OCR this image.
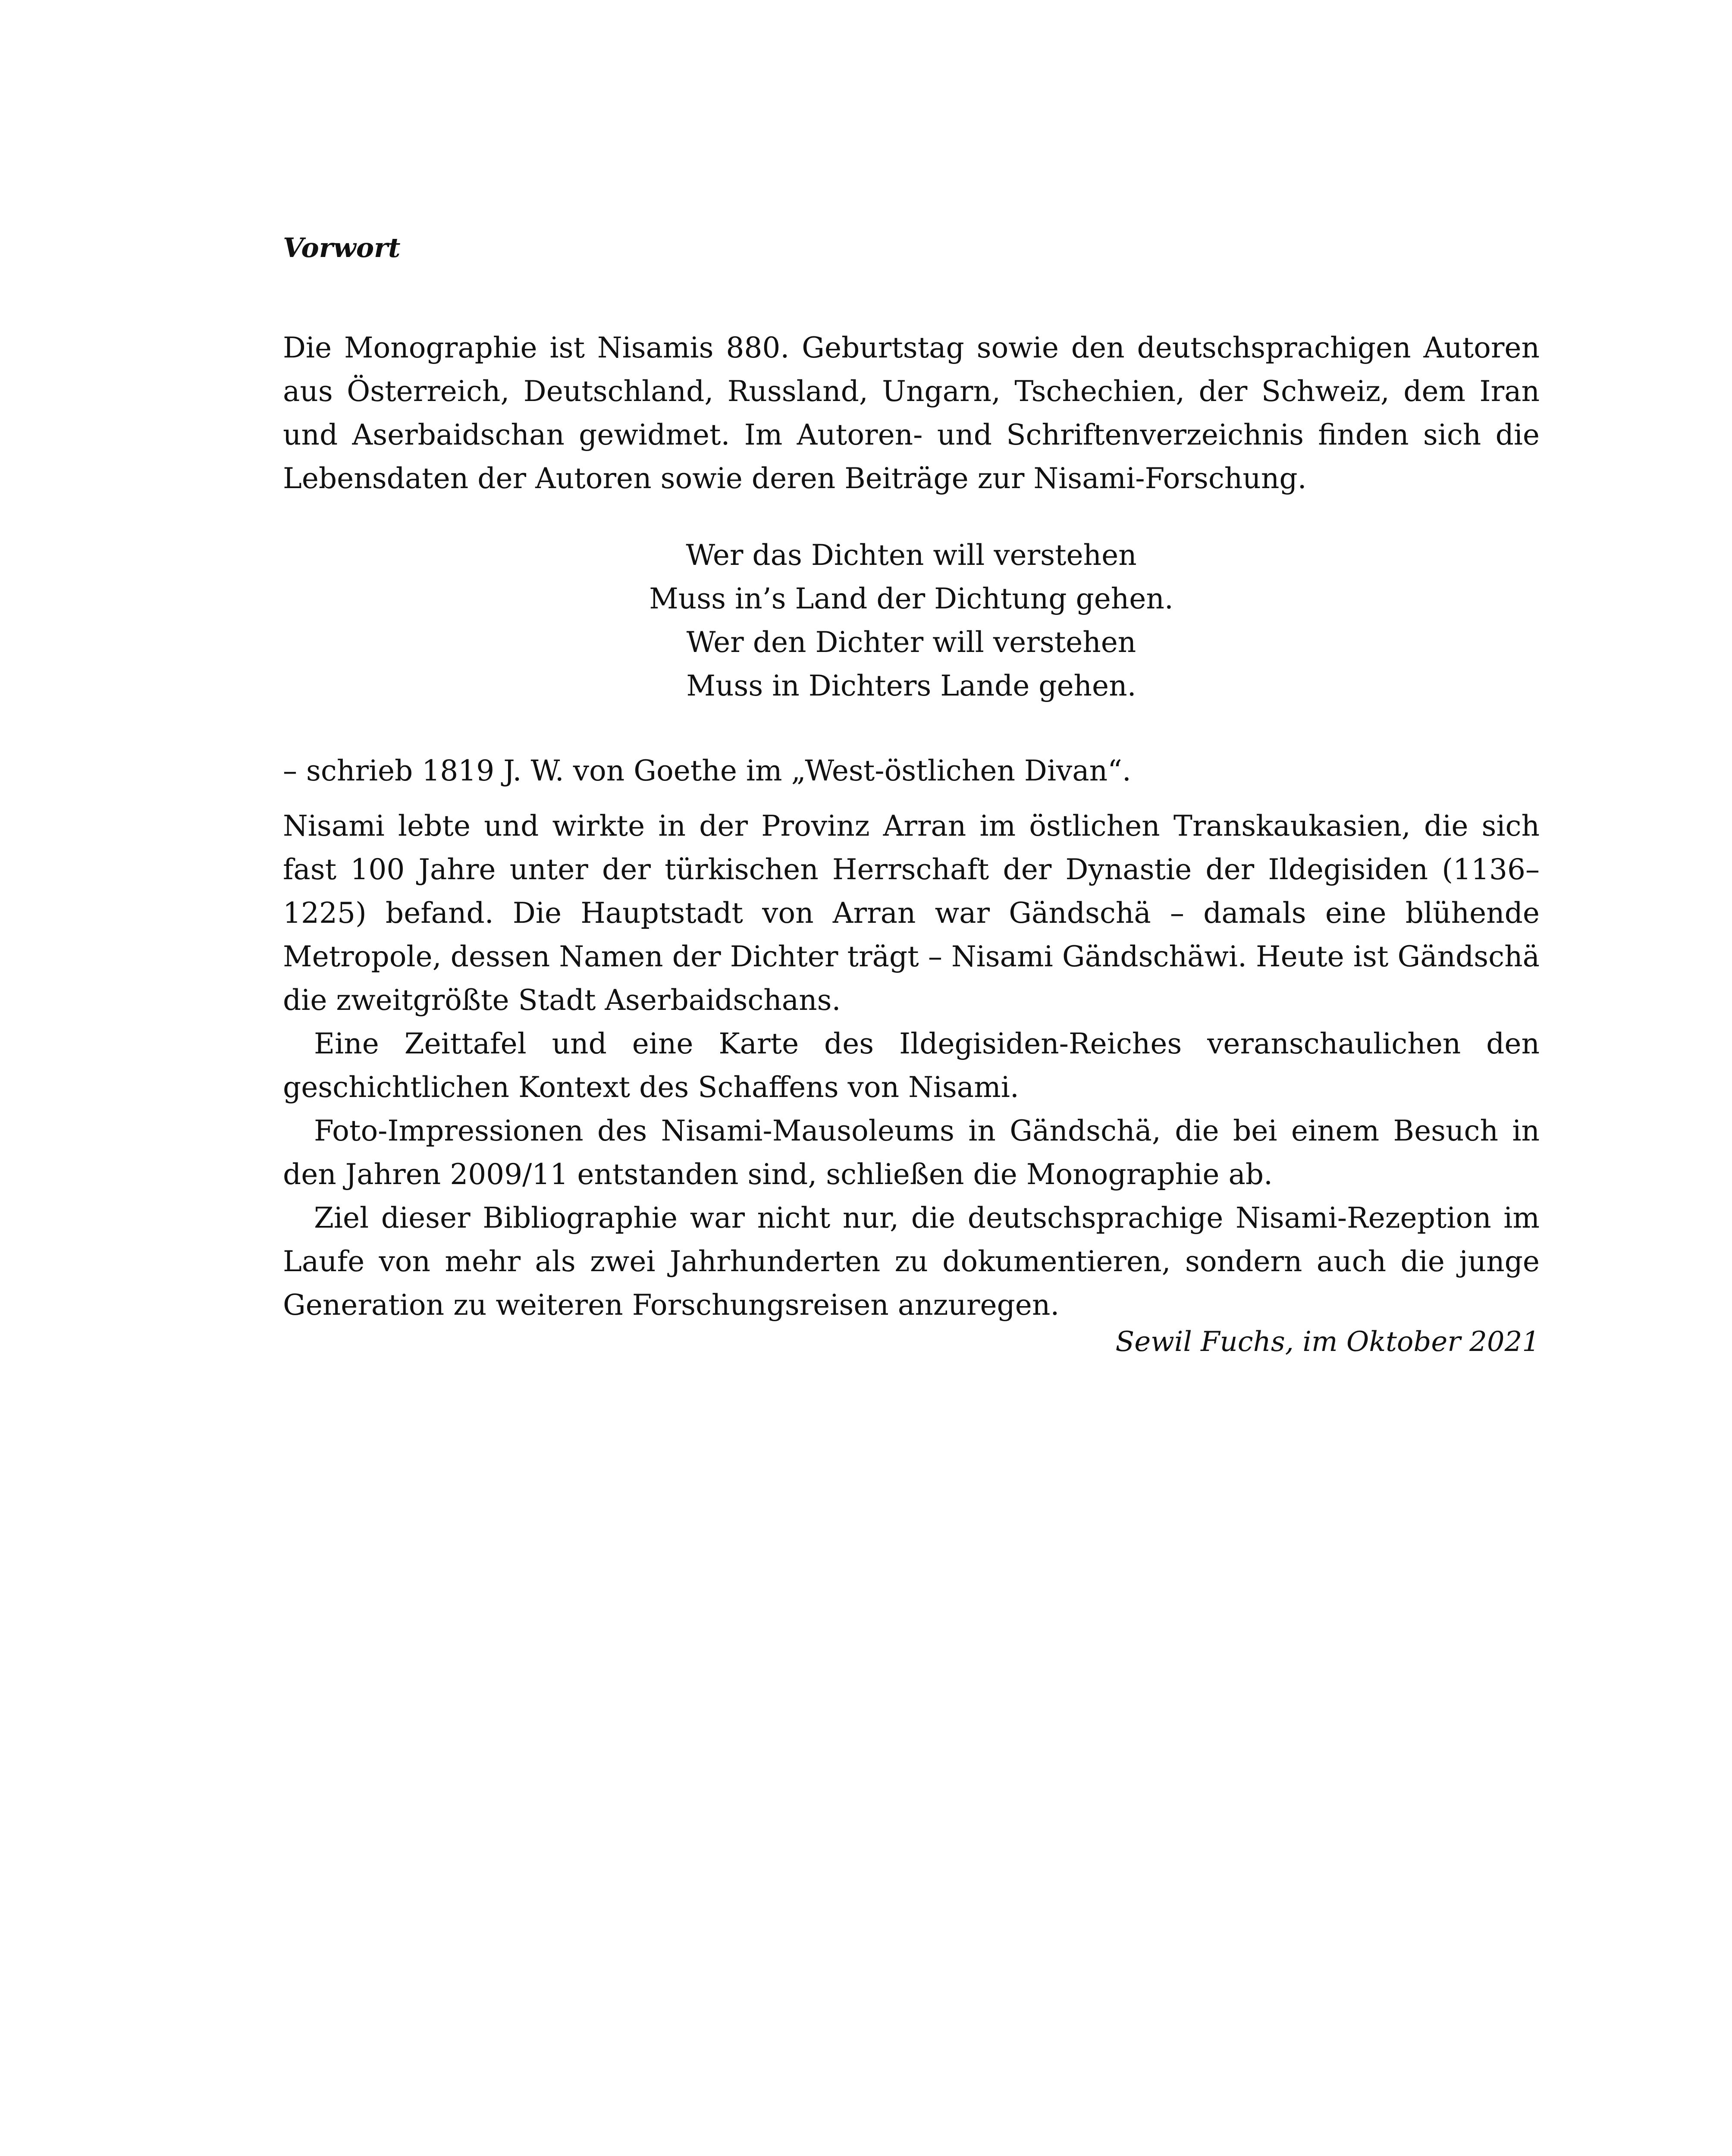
Vorwort

Die Monographie ist Nisamis 880. Geburtstag sowie den deutschsprachigen Autoren aus Österreich, Deutschland, Russland, Ungarn, Tschechien, der Schweiz, dem Iran und Aserbaidschan gewidmet. Im Autoren- und Schriftenverzeichnis finden sich die Lebensdaten der Autoren sowie deren Beiträge zur Nisami-Forschung.

Wer das Dichten will verstehen
Muss in’s Land der Dichtung gehen.
Wer den Dichter will verstehen
Muss in Dichters Lande gehen.

– schrieb 1819 J. W. von Goethe im „West-östlichen Divan“.

Nisami lebte und wirkte in der Provinz Arran im östlichen Transkaukasien, die sich fast 100 Jahre unter der türkischen Herrschaft der Dynastie der Ildegisiden (1136–1225) befand. Die Hauptstadt von Arran war Gändschä – damals eine blühende Metropole, dessen Namen der Dichter trägt – Nisami Gändschäwi. Heute ist Gändschä die zweitgrößte Stadt Aserbaidschans.

Eine Zeittafel und eine Karte des Ildegisiden-Reiches veranschaulichen den geschichtlichen Kontext des Schaffens von Nisami.

Foto-Impressionen des Nisami-Mausoleums in Gändschä, die bei einem Besuch in den Jahren 2009/11 entstanden sind, schließen die Monographie ab.

Ziel dieser Bibliographie war nicht nur, die deutschsprachige Nisami-Rezeption im Laufe von mehr als zwei Jahrhunderten zu dokumentieren, sondern auch die junge Generation zu weiteren Forschungsreisen anzuregen.

Sewil Fuchs, im Oktober 2021
